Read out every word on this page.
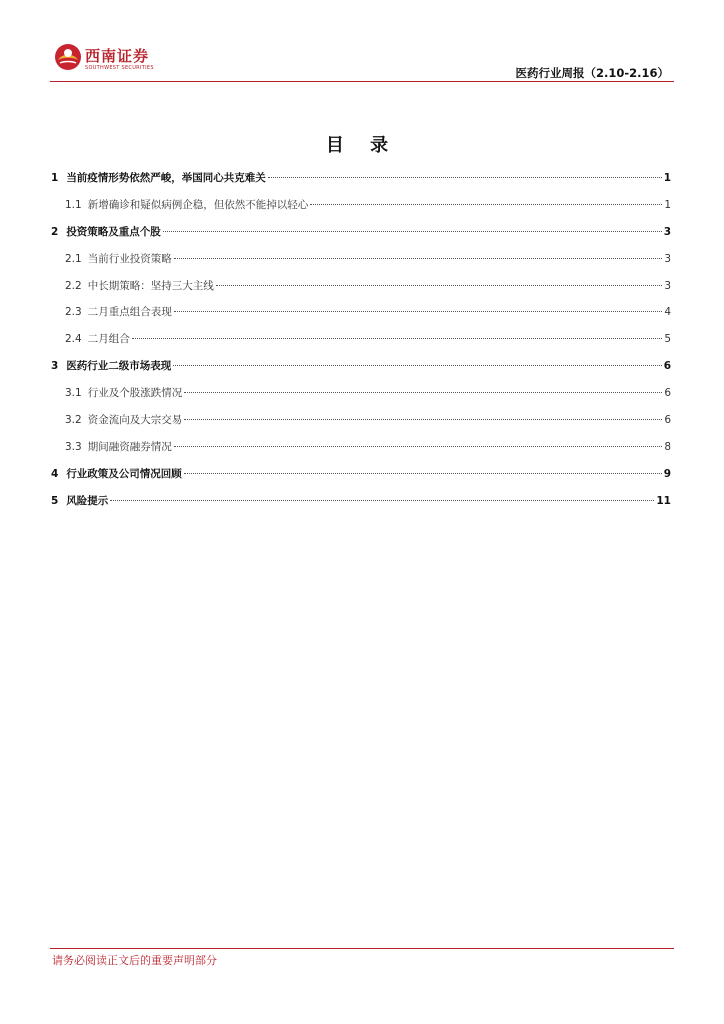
西南证券
SOUTHWEST SECURITIES	医药行业周报（2.10-2.16）
目 录
1 当前疫情形势依然严峻，举国同心共克难关	1
1.1 新增确诊和疑似病例企稳，但依然不能掉以轻心	1
2 投资策略及重点个股	3
2.1 当前行业投资策略	3
2.2 中长期策略：坚持三大主线	3
2.3 二月重点组合表现	4
2.4 二月组合	5
3 医药行业二级市场表现	6
3.1 行业及个股涨跌情况	6
3.2 资金流向及大宗交易	6
3.3 期间融资融券情况	8
4 行业政策及公司情况回顾	9
5 风险提示	11
请务必阅读正文后的重要声明部分
